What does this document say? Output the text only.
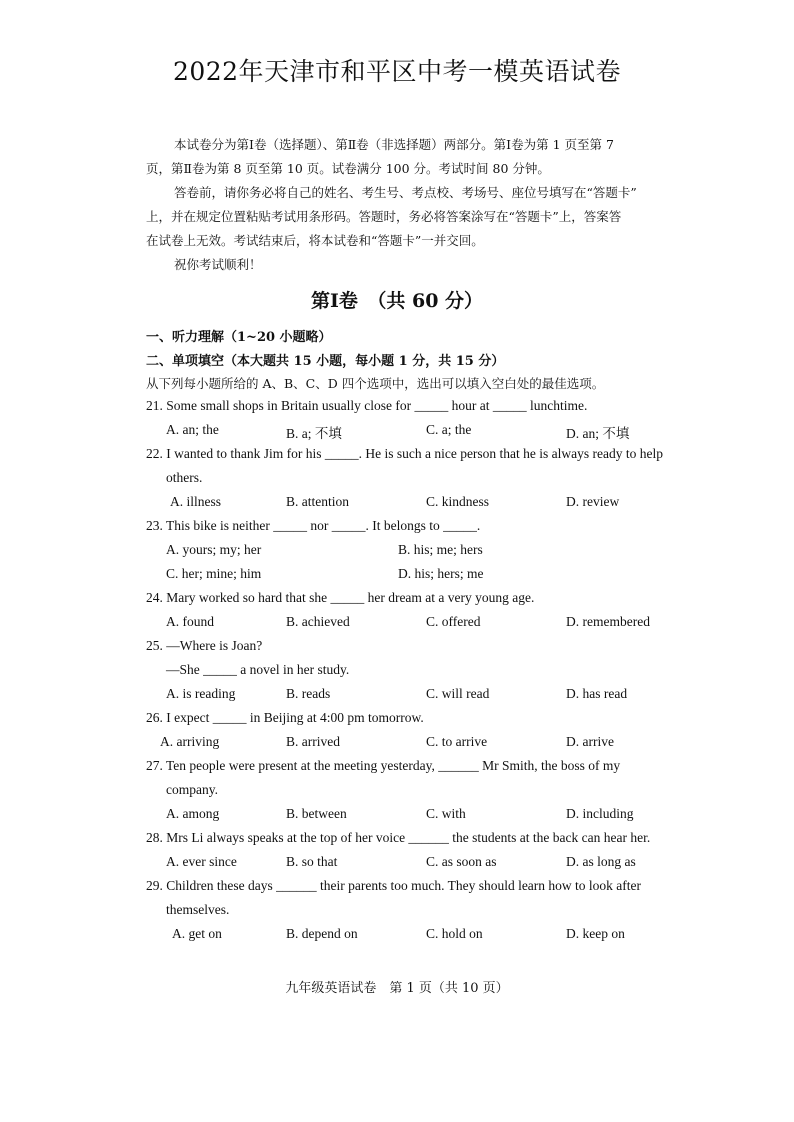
2022年天津市和平区中考一模英语试卷
本试卷分为第Ⅰ卷（选择题）、第Ⅱ卷（非选择题）两部分。第Ⅰ卷为第 1 页至第 7
页，第Ⅱ卷为第 8 页至第 10 页。试卷满分 100 分。考试时间 80 分钟。
答卷前，请你务必将自己的姓名、考生号、考点校、考场号、座位号填写在“答题卡”
上，并在规定位置粘贴考试用条形码。答题时，务必将答案涂写在“答题卡”上，答案答
在试卷上无效。考试结束后，将本试卷和“答题卡”一并交回。
祝你考试顺利！
第Ⅰ卷　（共 60 分）
一、听力理解（1~20 小题略）
二、单项填空（本大题共 15 小题，每小题 1 分，共 15 分）
从下列每小题所给的 A、B、C、D 四个选项中，选出可以填入空白处的最佳选项。
21. Some small shops in Britain usually close for _____ hour at _____ lunchtime.
A. an; the	B. a; 不填	C. a; the	D. an; 不填
22. I wanted to thank Jim for his _____. He is such a nice person that he is always ready to help
others.
A. illness	B. attention	C. kindness	D. review
23. This bike is neither _____ nor _____. It belongs to _____.
A. yours; my; her	B. his; me; hers
C. her; mine; him	D. his; hers; me
24. Mary worked so hard that she _____ her dream at a very young age.
A. found	B. achieved	C. offered	D. remembered
25. —Where is Joan?
—She _____ a novel in her study.
A. is reading	B. reads	C. will read	D. has read
26. I expect _____ in Beijing at 4:00 pm tomorrow.
A. arriving	B. arrived	C. to arrive	D. arrive
27. Ten people were present at the meeting yesterday, ______ Mr Smith, the boss of my
company.
A. among	B. between	C. with	D. including
28. Mrs Li always speaks at the top of her voice ______ the students at the back can hear her.
A. ever since	B. so that	C. as soon as	D. as long as
29. Children these days ______ their parents too much. They should learn how to look after
themselves.
A. get on	B. depend on	C. hold on	D. keep on
九年级英语试卷　第 1 页（共 10 页）
